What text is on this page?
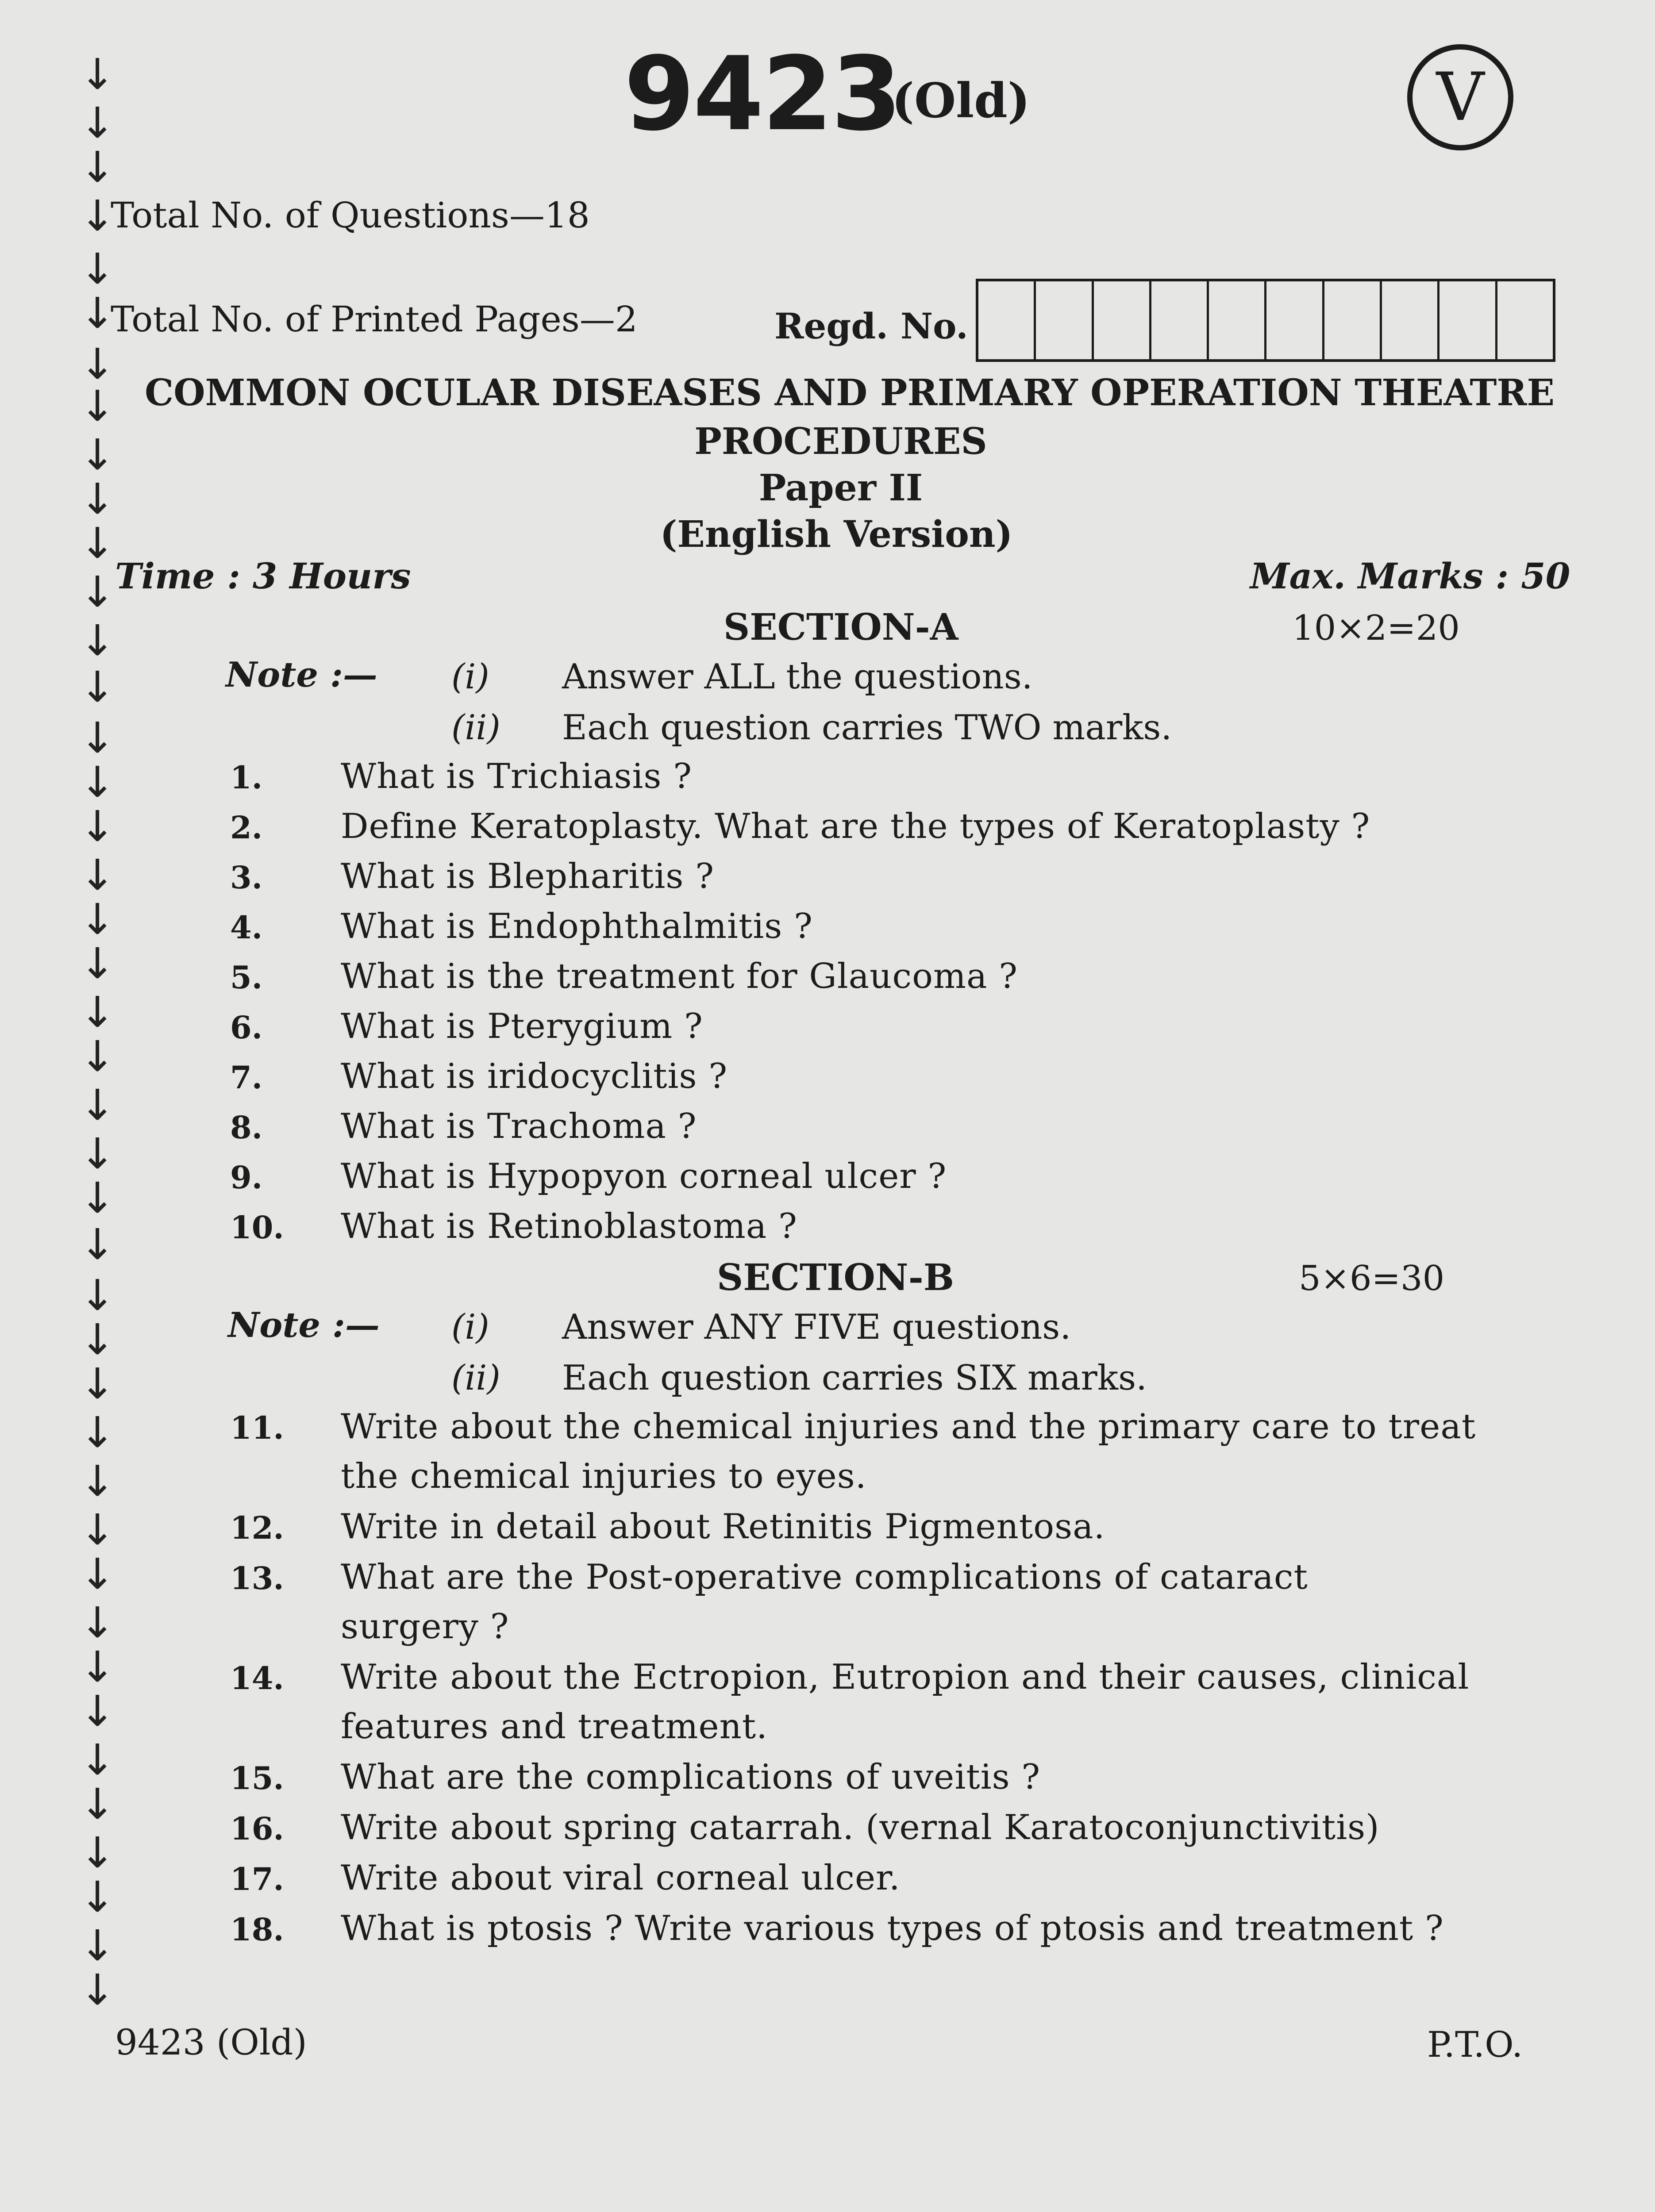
9423
(Old)	V
↓
↓
↓
↓
↓
↓
↓
↓
↓
↓
↓
↓
↓
↓
↓
↓
↓
↓
↓
↓
↓
↓
↓
↓
↓
↓
↓
↓
↓
↓
↓
↓
↓
↓
↓
↓
↓
↓
↓
↓
↓
↓
Total No. of Questions—18
Total No. of Printed Pages—2	Regd. No.
COMMON OCULAR DISEASES AND PRIMARY OPERATION THEATRE
PROCEDURES
Paper II
(English Version)
Time : 3 Hours	Max. Marks : 50
SECTION-A	10×2=20
Note :— (i) Answer ALL the questions.
(ii) Each question carries TWO marks.
1. What is Trichiasis ?
2. Define Keratoplasty. What are the types of Keratoplasty ?
3. What is Blepharitis ?
4. What is Endophthalmitis ?
5. What is the treatment for Glaucoma ?
6. What is Pterygium ?
7. What is iridocyclitis ?
8. What is Trachoma ?
9. What is Hypopyon corneal ulcer ?
10. What is Retinoblastoma ?
SECTION-B	5×6=30
Note :— (i) Answer ANY FIVE questions.
(ii) Each question carries SIX marks.
11. Write about the chemical injuries and the primary care to treat
the chemical injuries to eyes.
12. Write in detail about Retinitis Pigmentosa.
13. What are the Post-operative complications of cataract
surgery ?
14. Write about the Ectropion, Eutropion and their causes, clinical
features and treatment.
15. What are the complications of uveitis ?
16. Write about spring catarrah. (vernal Karatoconjunctivitis)
17. Write about viral corneal ulcer.
18. What is ptosis ? Write various types of ptosis and treatment ?
9423 (Old)	P.T.O.
